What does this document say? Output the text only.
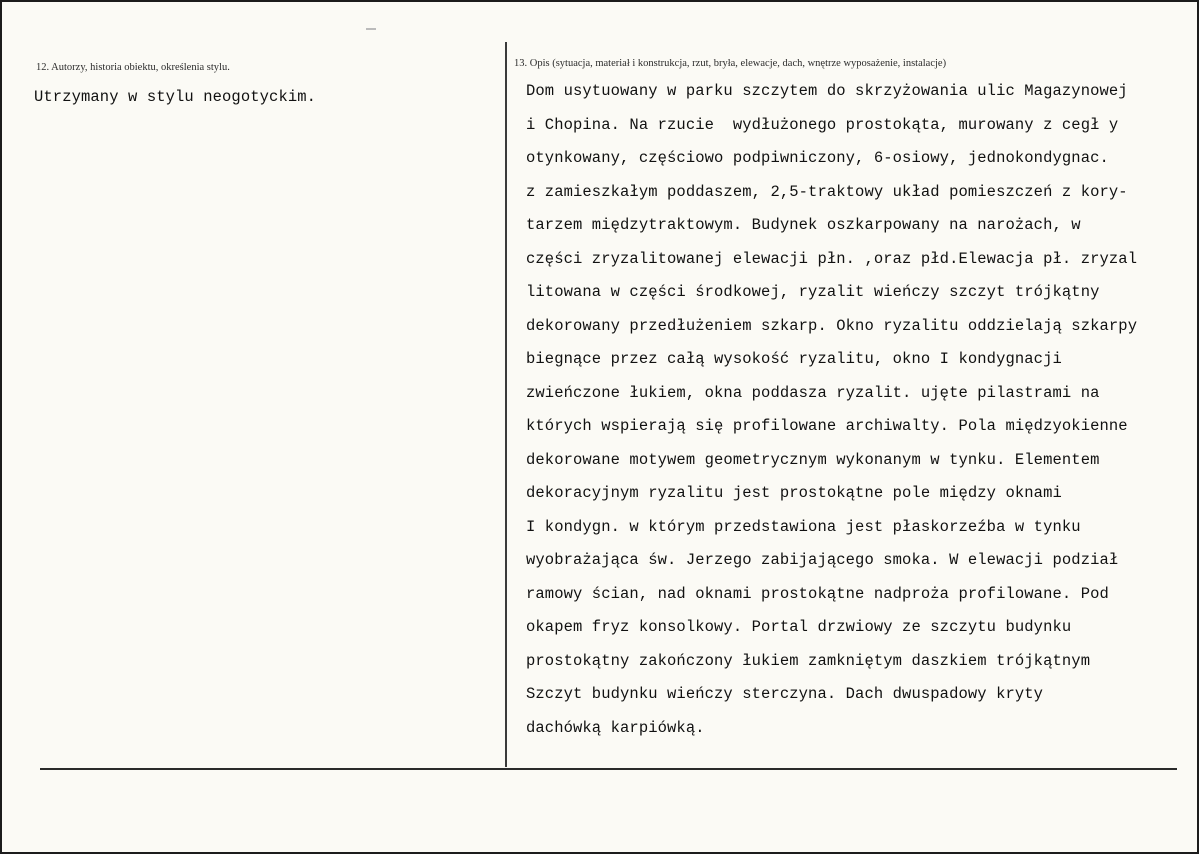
12. Autorzy, historia obiektu, określenia stylu.
Utrzymany w stylu neogotyckim.
13. Opis (sytuacja, materiał i konstrukcja, rzut, bryła, elewacje, dach, wnętrze wyposażenie, instalacje)
Dom usytuowany w parku szczytem do skrzyżowania ulic Magazynowej
i Chopina. Na rzucie  wydłużonego prostokąta, murowany z cegł y
otynkowany, częściowo podpiwniczony, 6-osiowy, jednokondygnac.
z zamieszkałym poddaszem, 2,5-traktowy układ pomieszczeń z kory-
tarzem międzytraktowym. Budynek oszkarpowany na narożach, w
części zryzalitowanej elewacji płn. ,oraz płd.Elewacja pł. zryzal
litowana w części środkowej, ryzalit wieńczy szczyt trójkątny
dekorowany przedłużeniem szkarp. Okno ryzalitu oddzielają szkarpy
biegnące przez całą wysokość ryzalitu, okno I kondygnacji
zwieńczone łukiem, okna poddasza ryzalit. ujęte pilastrami na
których wspierają się profilowane archiwalty. Pola międzyokienne
dekorowane motywem geometrycznym wykonanym w tynku. Elementem
dekoracyjnym ryzalitu jest prostokątne pole między oknami
I kondygn. w którym przedstawiona jest płaskorzeźba w tynku
wyobrażająca św. Jerzego zabijającego smoka. W elewacji podział
ramowy ścian, nad oknami prostokątne nadproża profilowane. Pod
okapem fryz konsolkowy. Portal drzwiowy ze szczytu budynku
prostokątny zakończony łukiem zamkniętym daszkiem trójkątnym
Szczyt budynku wieńczy sterczyna. Dach dwuspadowy kryty
dachówką karpiówką.
